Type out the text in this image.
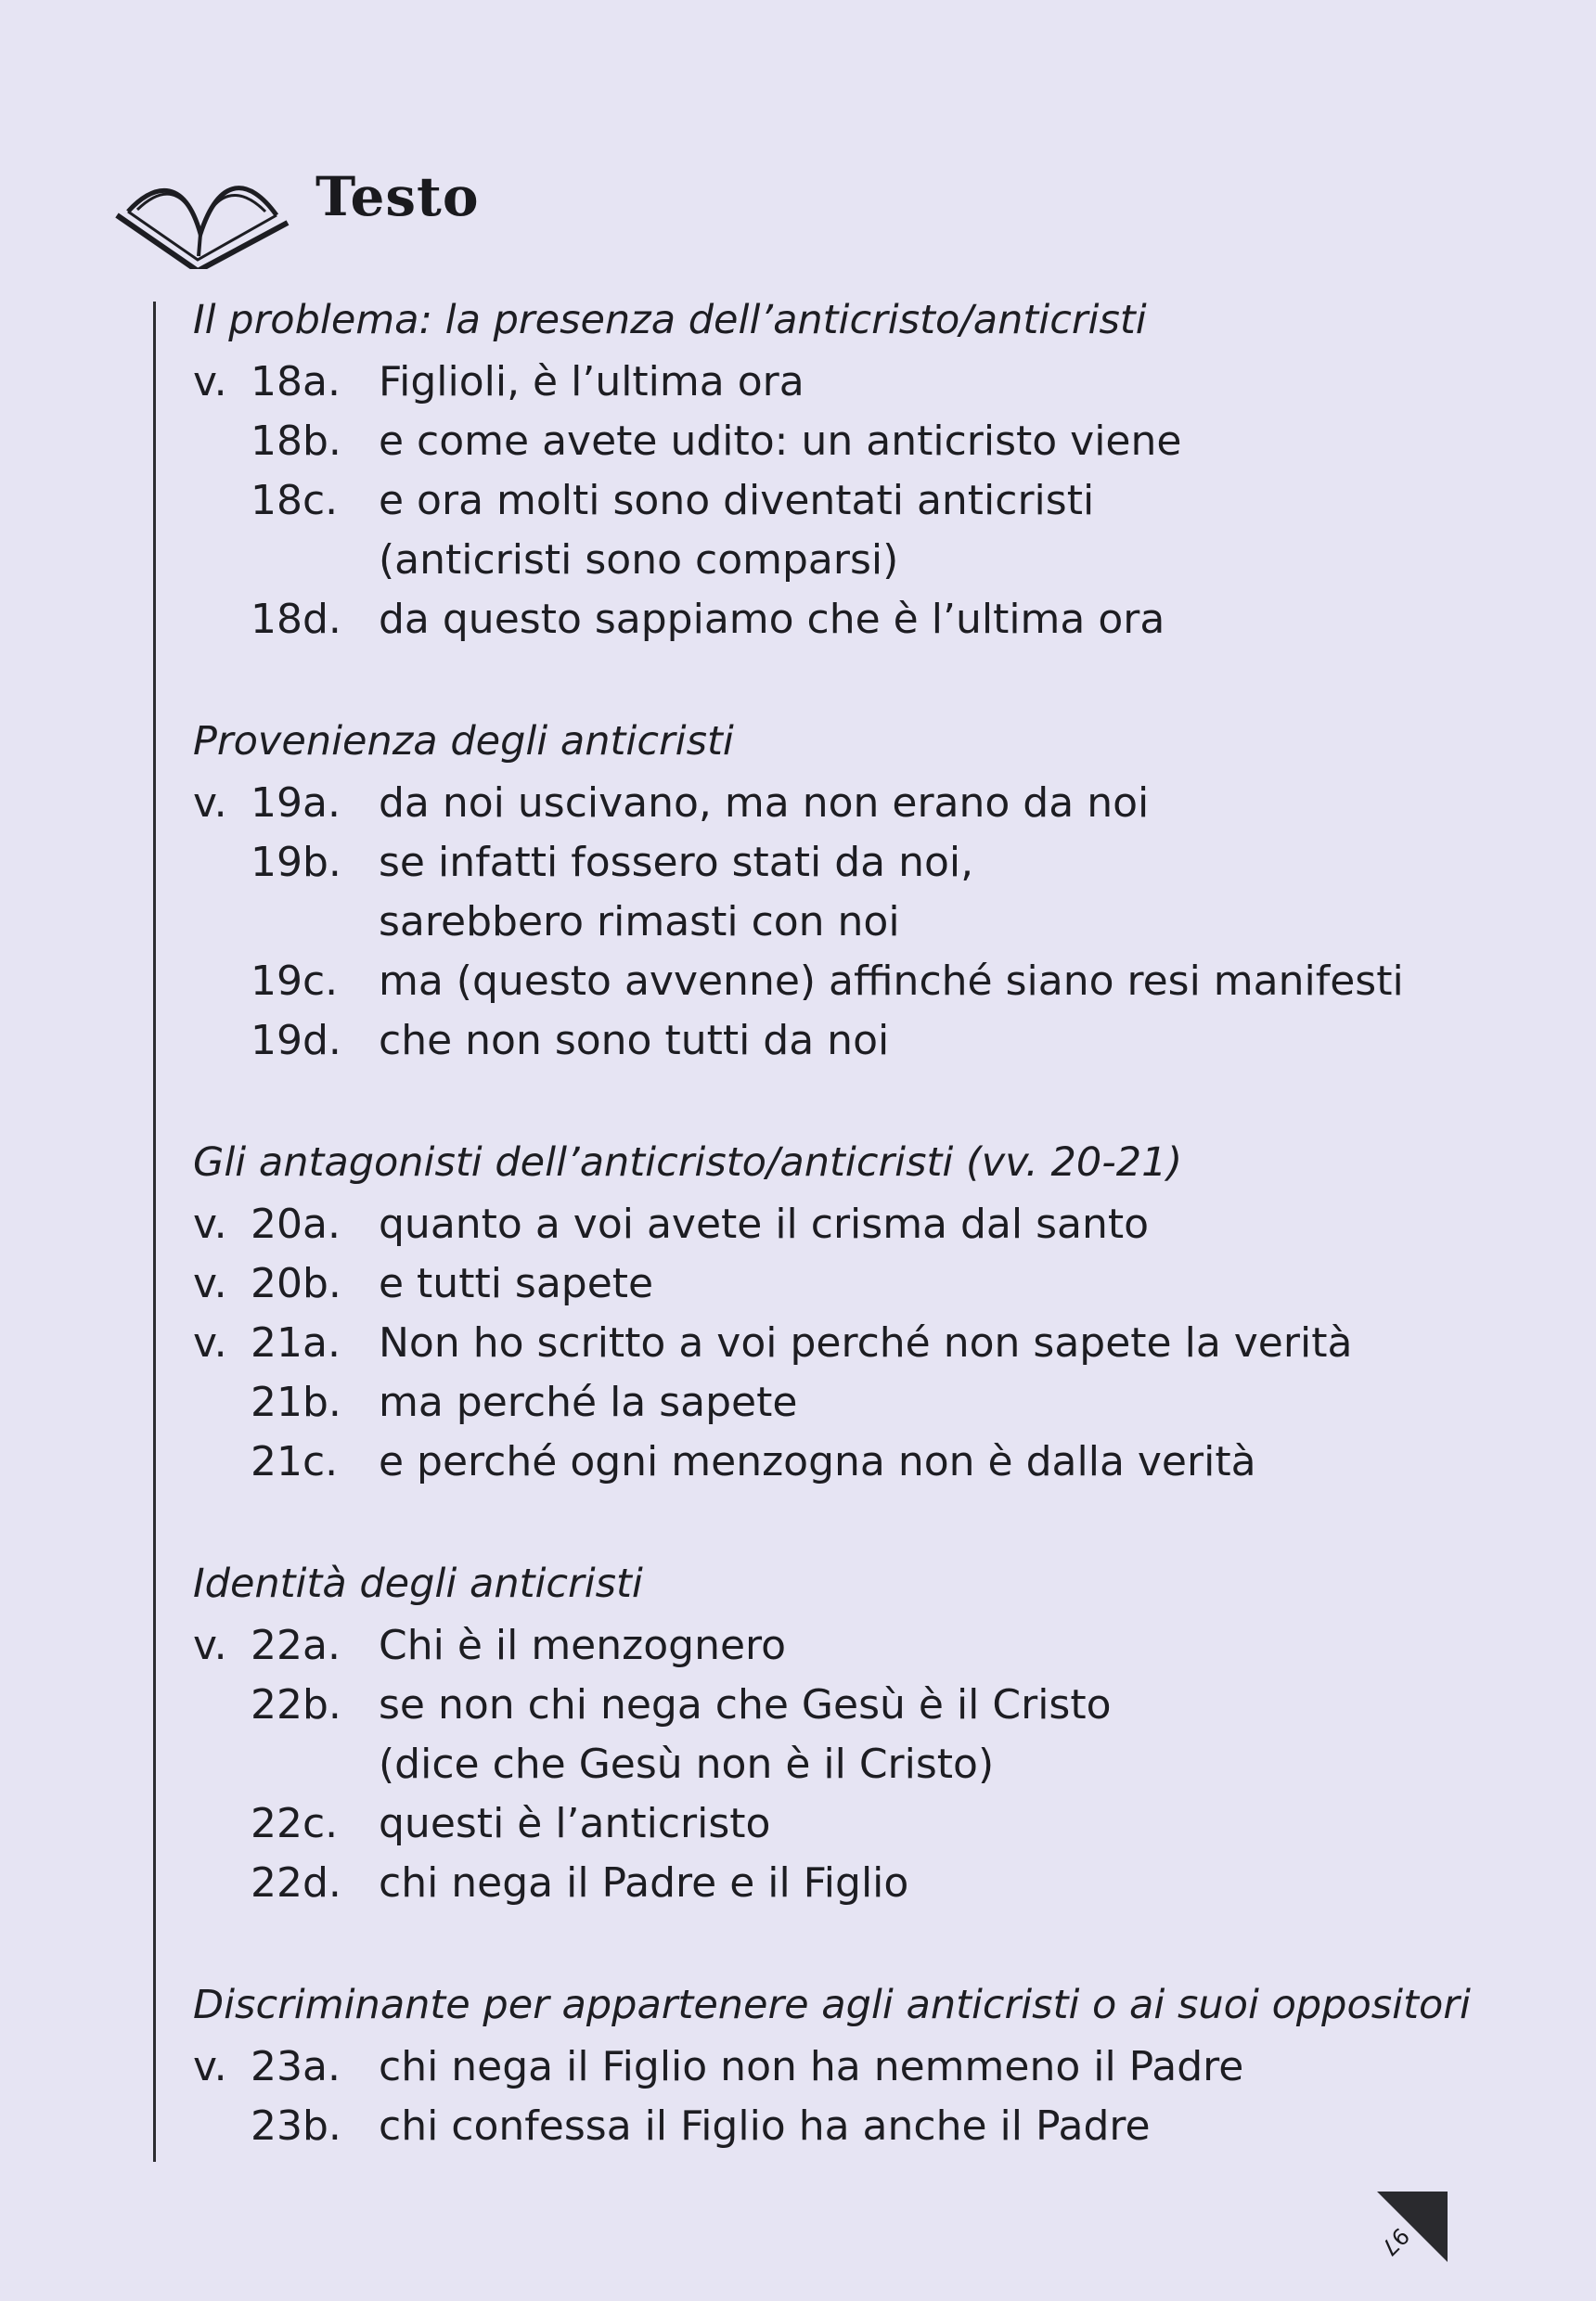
Testo
Il problema: la presenza dell’anticristo/anticristi
v. 18a. Figlioli, è l’ultima ora
18b. e come avete udito: un anticristo viene
18c. e ora molti sono diventati anticristi
(anticristi sono comparsi)
18d. da questo sappiamo che è l’ultima ora
Provenienza degli anticristi
v. 19a. da noi uscivano, ma non erano da noi
19b. se infatti fossero stati da noi,
sarebbero rimasti con noi
19c. ma (questo avvenne) affinché siano resi manifesti
19d. che non sono tutti da noi
Gli antagonisti dell’anticristo/anticristi (vv. 20-21)
v. 20a. quanto a voi avete il crisma dal santo
v. 20b. e tutti sapete
v. 21a. Non ho scritto a voi perché non sapete la verità
21b. ma perché la sapete
21c. e perché ogni menzogna non è dalla verità
Identità degli anticristi
v. 22a. Chi è il menzognero
22b. se non chi nega che Gesù è il Cristo
(dice che Gesù non è il Cristo)
22c. questi è l’anticristo
22d. chi nega il Padre e il Figlio
Discriminante per appartenere agli anticristi o ai suoi oppositori
v. 23a. chi nega il Figlio non ha nemmeno il Padre
23b. chi confessa il Figlio ha anche il Padre
97
